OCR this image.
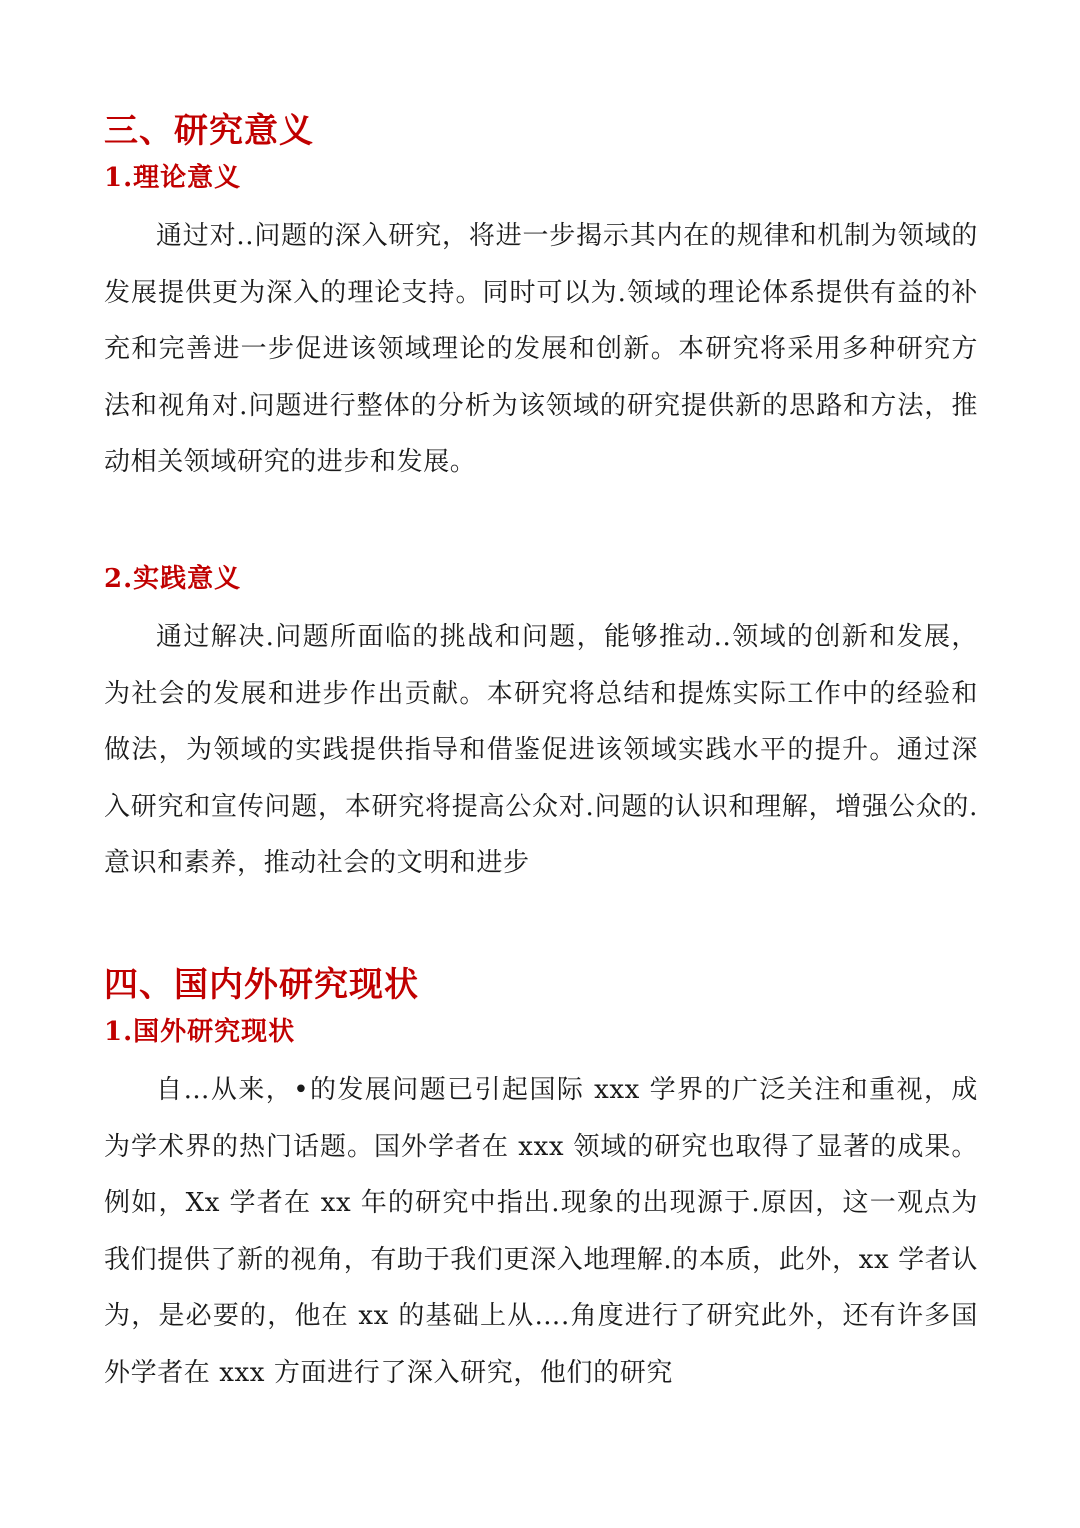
三、研究意义
1.理论意义

通过对..问题的深入研究，将进一步揭示其内在的规律和机制为领域的发展提供更为深入的理论支持。同时可以为.领域的理论体系提供有益的补充和完善进一步促进该领域理论的发展和创新。本研究将采用多种研究方法和视角对.问题进行整体的分析为该领域的研究提供新的思路和方法，推动相关领域研究的进步和发展。

2.实践意义

通过解决.问题所面临的挑战和问题，能够推动..领域的创新和发展，为社会的发展和进步作出贡献。本研究将总结和提炼实际工作中的经验和做法，为领域的实践提供指导和借鉴促进该领域实践水平的提升。通过深入研究和宣传问题，本研究将提高公众对.问题的认识和理解，增强公众的.意识和素养，推动社会的文明和进步

四、国内外研究现状
1.国外研究现状

自…从来，•的发展问题已引起国际 xxx 学界的广泛关注和重视，成为学术界的热门话题。国外学者在 xxx 领域的研究也取得了显著的成果。例如，Xx 学者在 xx 年的研究中指出.现象的出现源于.原因，这一观点为我们提供了新的视角，有助于我们更深入地理解.的本质，此外，xx 学者认为，是必要的，他在 xx 的基础上从….角度进行了研究此外，还有许多国外学者在 xxx 方面进行了深入研究，他们的研究
